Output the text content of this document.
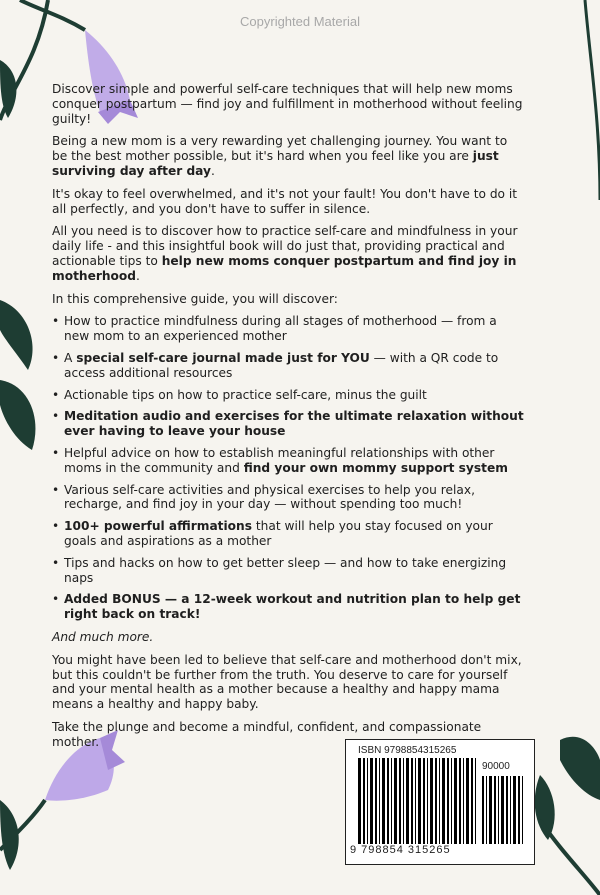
Copyrighted Material

Discover simple and powerful self-care techniques that will help new moms conquer postpartum — find joy and fulfillment in motherhood without feeling guilty!

Being a new mom is a very rewarding yet challenging journey. You want to be the best mother possible, but it's hard when you feel like you are just surviving day after day.

It's okay to feel overwhelmed, and it's not your fault! You don't have to do it all perfectly, and you don't have to suffer in silence.

All you need is to discover how to practice self-care and mindfulness in your daily life - and this insightful book will do just that, providing practical and actionable tips to help new moms conquer postpartum and find joy in motherhood.

In this comprehensive guide, you will discover:

• How to practice mindfulness during all stages of motherhood — from a new mom to an experienced mother
• A special self-care journal made just for YOU — with a QR code to access additional resources
• Actionable tips on how to practice self-care, minus the guilt
• Meditation audio and exercises for the ultimate relaxation without ever having to leave your house
• Helpful advice on how to establish meaningful relationships with other moms in the community and find your own mommy support system
• Various self-care activities and physical exercises to help you relax, recharge, and find joy in your day — without spending too much!
• 100+ powerful affirmations that will help you stay focused on your goals and aspirations as a mother
• Tips and hacks on how to get better sleep — and how to take energizing naps
• Added BONUS — a 12-week workout and nutrition plan to help get right back on track!

And much more.

You might have been led to believe that self-care and motherhood don't mix, but this couldn't be further from the truth. You deserve to care for yourself and your mental health as a mother because a healthy and happy mama means a healthy and happy baby.

Take the plunge and become a mindful, confident, and compassionate mother.

ISBN 9798854315265
90000
9 798854 315265
